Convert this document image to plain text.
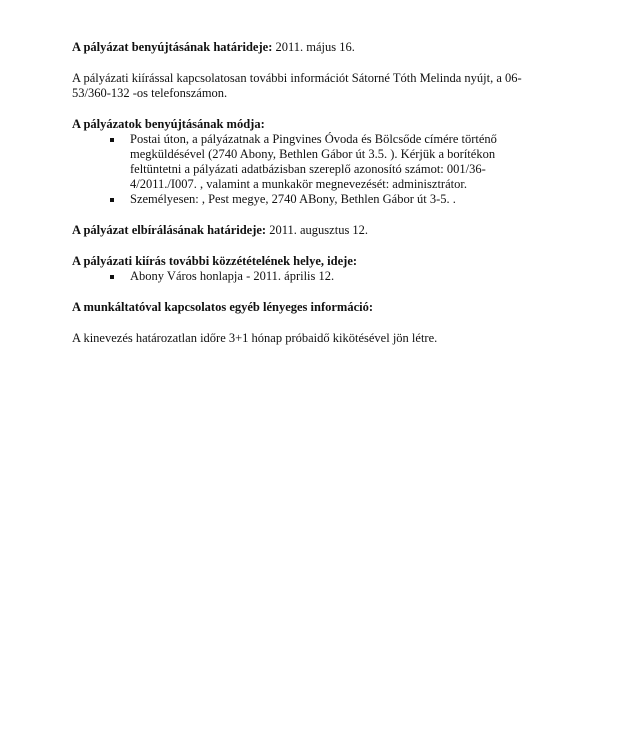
A pályázat benyújtásának határideje: 2011. május 16.

A pályázati kiírással kapcsolatosan további információt Sátorné Tóth Melinda nyújt, a 06-

53/360-132 -os telefonszámon.

A pályázatok benyújtásának módja:

Postai úton, a pályázatnak a Pingvines Óvoda és Bölcsőde címére történő

megküldésével (2740 Abony, Bethlen Gábor út 3.5. ). Kérjük a borítékon

feltüntetni a pályázati adatbázisban szereplő azonosító számot: 001/36-

4/2011./I007. , valamint a munkakör megnevezését: adminisztrátor.

Személyesen: , Pest megye, 2740 ABony, Bethlen Gábor út 3-5. .

A pályázat elbírálásának határideje: 2011. augusztus 12.

A pályázati kiírás további közzétételének helye, ideje:

Abony Város honlapja - 2011. április 12.

A munkáltatóval kapcsolatos egyéb lényeges információ:

A kinevezés határozatlan időre 3+1 hónap próbaidő kikötésével jön létre.
